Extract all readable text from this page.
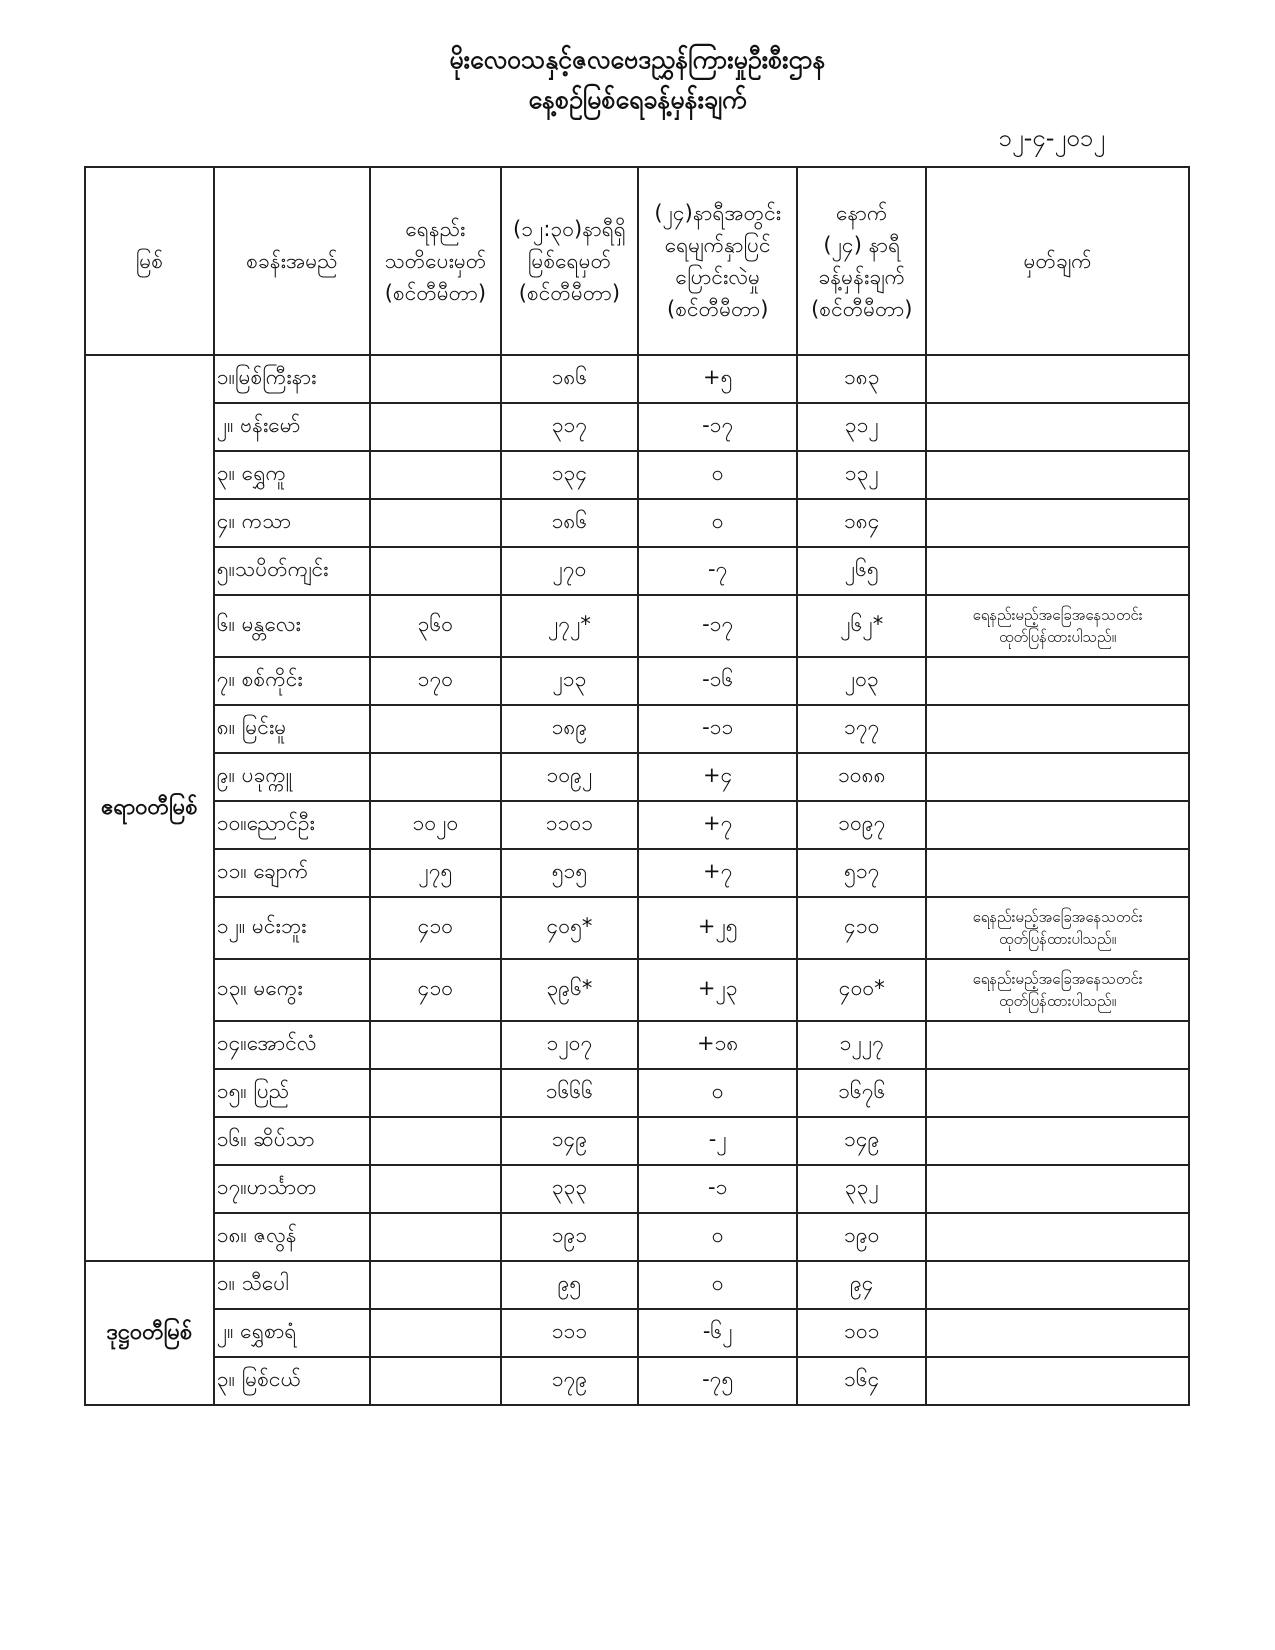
မိုးလေဝသနှင့်ဇလဗေဒညွှန်ကြားမှုဦးစီးဌာန
နေ့စဉ်မြစ်ရေခန့်မှန်းချက်
၁၂-၄-၂၀၁၂
မြစ်	စခန်းအမည်	ရေနည်း
သတိပေးမှတ်
(စင်တီမီတာ)	(၁၂:၃၀)နာရီရှိ
မြစ်ရေမှတ်
(စင်တီမီတာ)	(၂၄)နာရီအတွင်း
ရေမျက်နှာပြင်
ပြောင်းလဲမှု
(စင်တီမီတာ)	နောက်
(၂၄) နာရီ
ခန့်မှန်းချက်
(စင်တီမီတာ)	မှတ်ချက်
ဧရာဝတီမြစ်	၁။မြစ်ကြီးနား		၁၈၆	+၅	၁၈၃	
	၂။ ဗန်းမော်		၃၁၇	-၁၇	၃၁၂	
	၃။ ရွှေကူ		၁၃၄	၀	၁၃၂	
	၄။ ကသာ		၁၈၆	၀	၁၈၄	
	၅။သပိတ်ကျင်း		၂၇၀	-၇	၂၆၅	
	၆။ မန္တလေး	၃၆၀	၂၇၂*	-၁၇	၂၆၂*	ရေနည်းမည့်အခြေအနေသတင်း
ထုတ်ပြန်ထားပါသည်။
	၇။ စစ်ကိုင်း	၁၇၀	၂၁၃	-၁၆	၂၀၃	
	၈။ မြင်းမူ		၁၈၉	-၁၁	၁၇၇	
	၉။ ပခုက္ကူ		၁၀၉၂	+၄	၁၀၈၈	
	၁၀။ညောင်ဦး	၁၀၂၀	၁၁၀၁	+၇	၁၀၉၇	
	၁၁။ ချောက်	၂၇၅	၅၁၅	+၇	၅၁၇	
	၁၂။ မင်းဘူး	၄၁၀	၄၀၅*	+၂၅	၄၁၀	ရေနည်းမည့်အခြေအနေသတင်း
ထုတ်ပြန်ထားပါသည်။
	၁၃။ မကွေး	၄၁၀	၃၉၆*	+၂၃	၄၀၀*	ရေနည်းမည့်အခြေအနေသတင်း
ထုတ်ပြန်ထားပါသည်။
	၁၄။အောင်လံ		၁၂၀၇	+၁၈	၁၂၂၇	
	၁၅။ ပြည်		၁၆၆၆	၀	၁၆၇၆	
	၁၆။ ဆိပ်သာ		၁၄၉	-၂	၁၄၉	
	၁၇။ဟင်္သာတ		၃၃၃	-၁	၃၃၂	
	၁၈။ ဇလွန်		၁၉၁	၀	၁၉၀	
ဒုဋ္ဌဝတီမြစ်	၁။ သီပေါ		၉၅	၀	၉၄	
	၂။ ရွှေစာရံ		၁၁၁	-၆၂	၁၀၁	
	၃။ မြစ်ငယ်		၁၇၉	-၇၅	၁၆၄	
